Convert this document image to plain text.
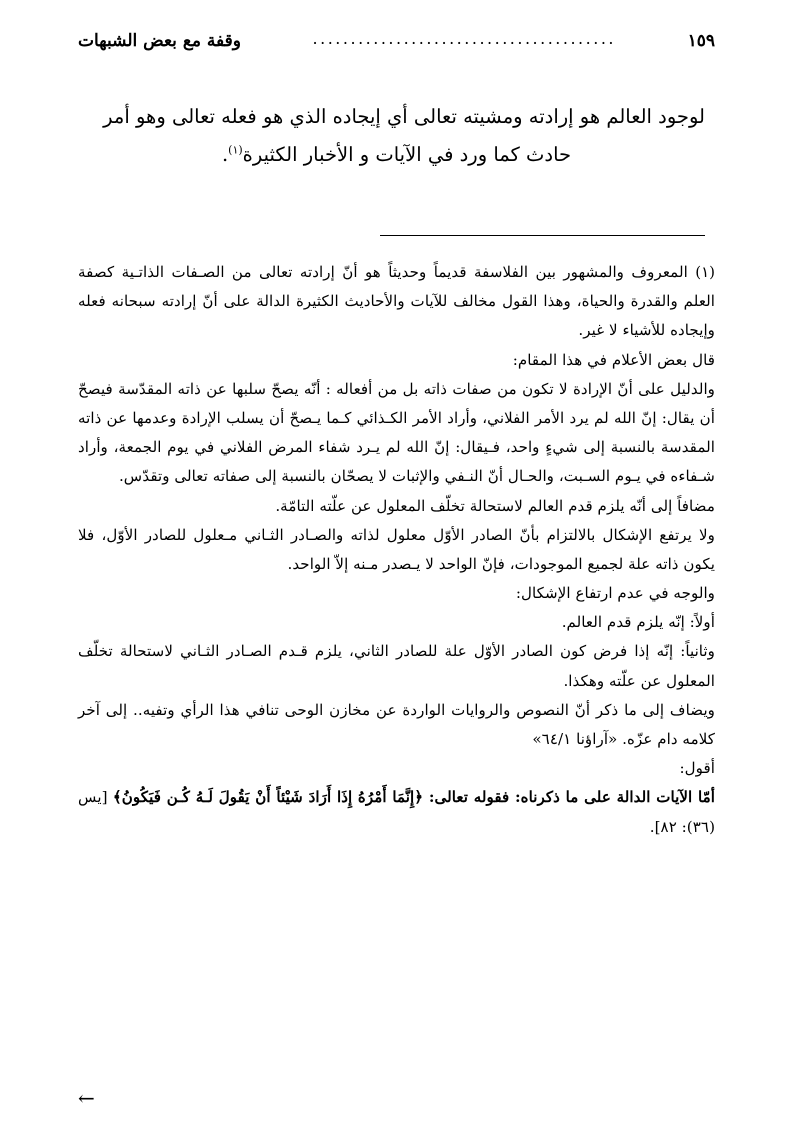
وقفة مع بعض الشبهات	........................................	١٥٩

لوجود العالم هو إرادته ومشيته تعالى أي إيجاده الذي هو فعله تعالى وهو أمر

حادث كما ورد في الآيات و الأخبار الكثيرة$^{(١)}$.

(١) المعروف والمشهور بين الفلاسفة قديماً وحديثاً هو أنّ إرادته تعالى من الصـفات الذاتـية كصفة العلم والقدرة والحياة، وهذا القول مخالف للآيات والأحاديث الكثيرة الدالة على أنّ إرادته سبحانه فعله وإيجاده للأشياء لا غير.

قال بعض الأعلام في هذا المقام:

والدليل على أنّ الإرادة لا تكون من صفات ذاته بل من أفعاله : أنّه يصحّ سلبها عن ذاته المقدّسة فيصحّ أن يقال: إنّ الله لم يرد الأمر الفلاني، وأراد الأمر الكـذائي كـما يـصحّ أن يسلب الإرادة وعدمها عن ذاته المقدسة بالنسبة إلى شيءٍ واحد، فـيقال: إنّ الله لم يـرد شفاء المرض الفلاني في يوم الجمعة، وأراد شـفاءه في يـوم السـبت، والحـال أنّ النـفي والإثبات لا يصحّان بالنسبة إلى صفاته تعالى وتقدّس.

مضافاً إلى أنّه يلزم قدم العالم لاستحالة تخلّف المعلول عن علّته التامّة.

ولا يرتفع الإشكال بالالتزام بأنّ الصادر الأوّل معلول لذاته والصـادر الثـاني مـعلول للصادر الأوّل، فلا يكون ذاته علة لجميع الموجودات، فإنّ الواحد لا يـصدر مـنه إلاّ الواحد.

والوجه في عدم ارتفاع الإشكال:

أولاً: إنّه يلزم قدم العالم.

وثانياً: إنّه إذا فرض كون الصادر الأوّل علة للصادر الثاني، يلزم قـدم الصـادر الثـاني لاستحالة تخلّف المعلول عن علّته وهكذا.

ويضاف إلى ما ذكر أنّ النصوص والروايات الواردة عن مخازن الوحى تنافي هذا الرأي وتفيه.. إلى آخر كلامه دام عزّه. «آراؤنا ٦٤/١»

أقول:

أمّا الآيات الدالة على ما ذكرناه: فقوله تعالى: ﴿إِنَّمَا أَمْرُهُ إِذَا أَرَادَ شَيْئاً أَنْ يَقُولَ لَـهُ كُـن فَيَكُونُ﴾ [يس (٣٦): ٨٢].

←
